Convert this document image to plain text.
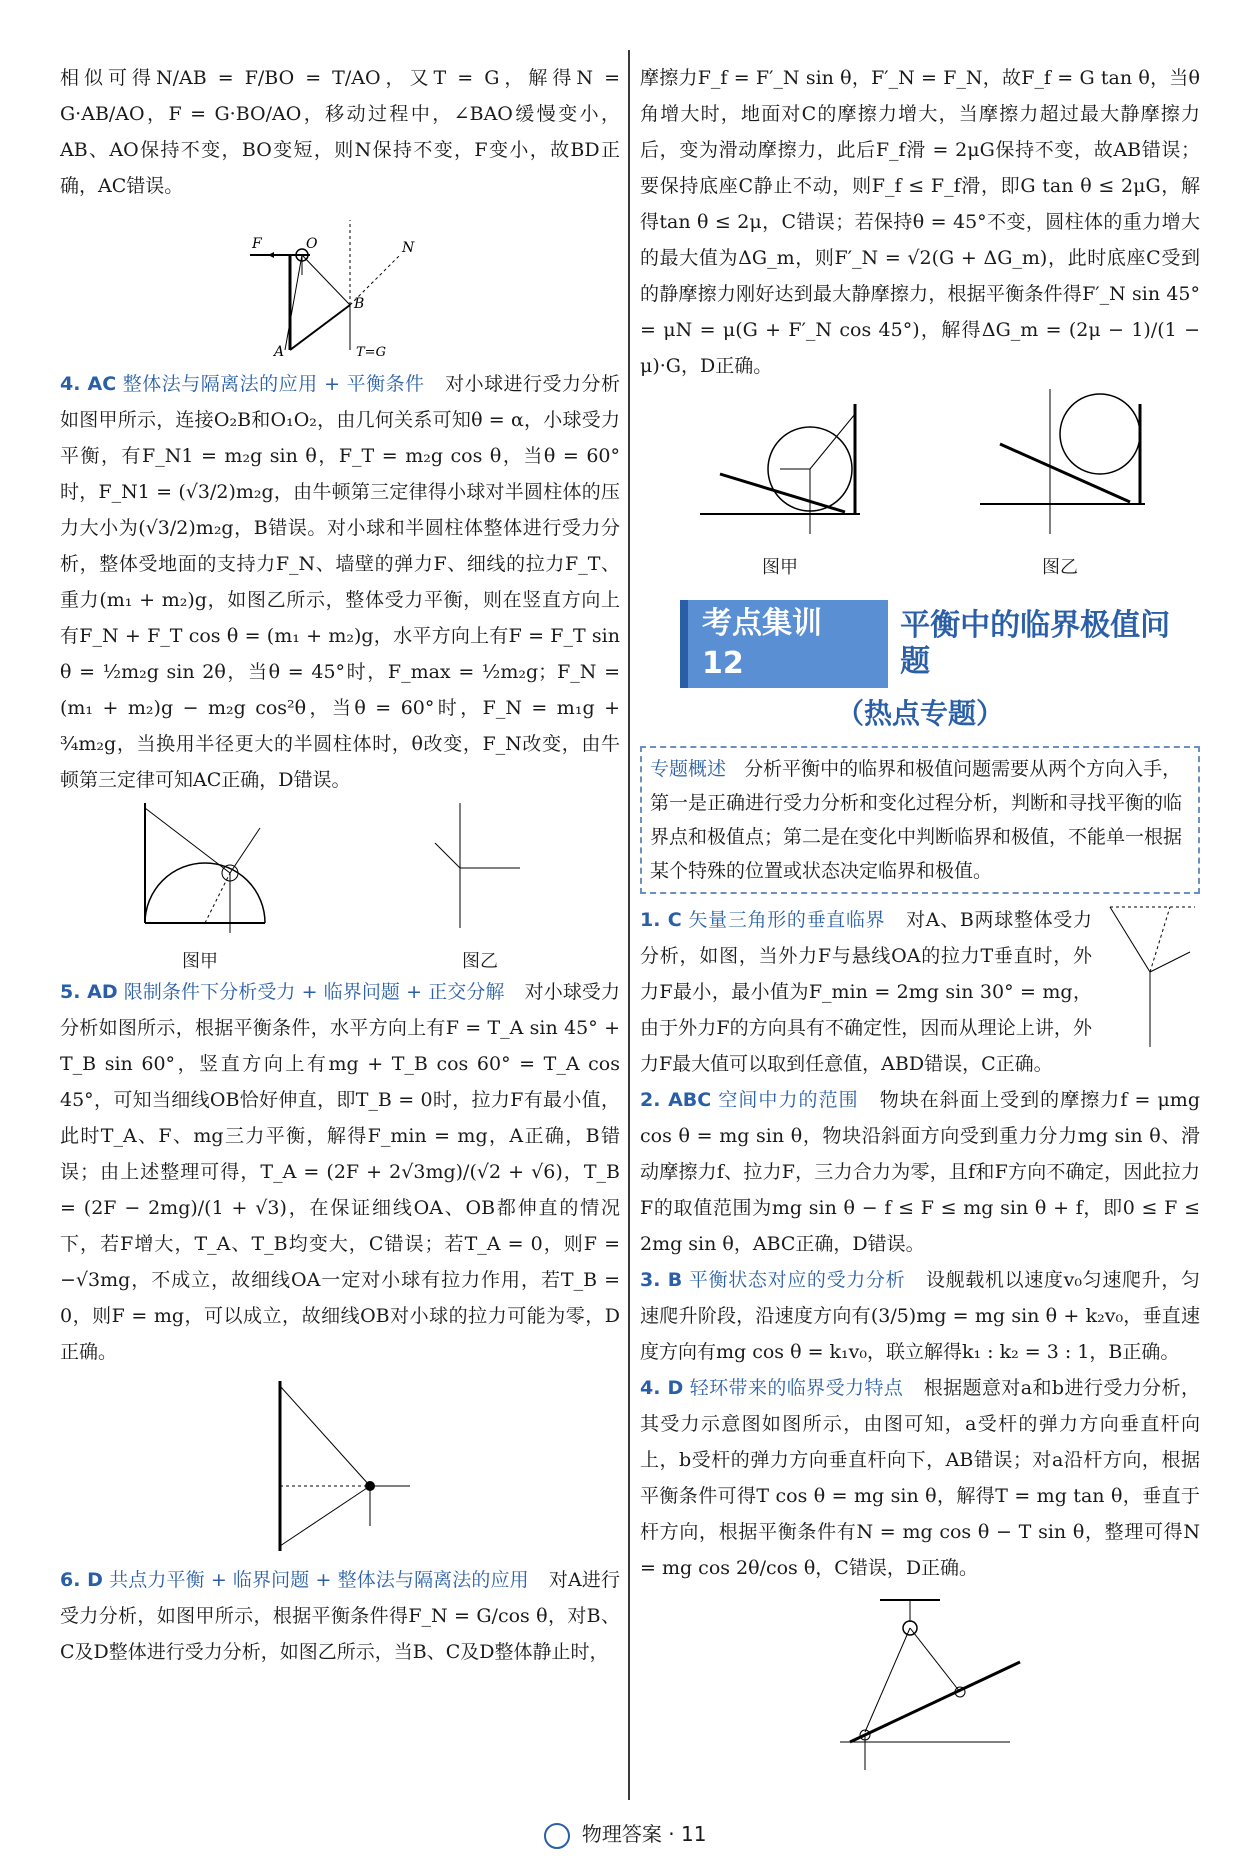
相似可得N/AB = F/BO = T/AO，又T = G，解得N = G·AB/AO，F = G·BO/AO，移动过程中，∠BAO缓慢变小，AB、AO保持不变，BO变短，则N保持不变，F变小，故BD正确，AC错误。

F	O	N
B
A	T=G

4. AC 整体法与隔离法的应用 + 平衡条件 对小球进行受力分析如图甲所示，连接O₂B和O₁O₂，由几何关系可知θ = α，小球受力平衡，有F_N1 = m₂g sin θ，F_T = m₂g cos θ，当θ = 60°时，F_N1 = (√3/2)m₂g，由牛顿第三定律得小球对半圆柱体的压力大小为(√3/2)m₂g，B错误。对小球和半圆柱体整体进行受力分析，整体受地面的支持力F_N、墙壁的弹力F、细线的拉力F_T、重力(m₁ + m₂)g，如图乙所示，整体受力平衡，则在竖直方向上有F_N + F_T cos θ = (m₁ + m₂)g，水平方向上有F = F_T sin θ = ½m₂g sin 2θ，当θ = 45°时，F_max = ½m₂g；F_N = (m₁ + m₂)g − m₂g cos²θ，当θ = 60°时，F_N = m₁g + ¾m₂g，当换用半径更大的半圆柱体时，θ改变，F_N改变，由牛顿第三定律可知AC正确，D错误。

图甲	图乙

5. AD 限制条件下分析受力 + 临界问题 + 正交分解 对小球受力分析如图所示，根据平衡条件，水平方向上有F = T_A sin 45° + T_B sin 60°，竖直方向上有mg + T_B cos 60° = T_A cos 45°，可知当细线OB恰好伸直，即T_B = 0时，拉力F有最小值，此时T_A、F、mg三力平衡，解得F_min = mg，A正确，B错误；由上述整理可得，T_A = (2F + 2√3mg)/(√2 + √6)，T_B = (2F − 2mg)/(1 + √3)，在保证细线OA、OB都伸直的情况下，若F增大，T_A、T_B均变大，C错误；若T_A = 0，则F = −√3mg，不成立，故细线OA一定对小球有拉力作用，若T_B = 0，则F = mg，可以成立，故细线OB对小球的拉力可能为零，D正确。

6. D 共点力平衡 + 临界问题 + 整体法与隔离法的应用 对A进行受力分析，如图甲所示，根据平衡条件得F_N = G/cos θ，对B、C及D整体进行受力分析，如图乙所示，当B、C及D整体静止时，

摩擦力F_f = F′_N sin θ，F′_N = F_N，故F_f = G tan θ，当θ角增大时，地面对C的摩擦力增大，当摩擦力超过最大静摩擦力后，变为滑动摩擦力，此后F_f滑 = 2μG保持不变，故AB错误；要保持底座C静止不动，则F_f ≤ F_f滑，即G tan θ ≤ 2μG，解得tan θ ≤ 2μ，C错误；若保持θ = 45°不变，圆柱体的重力增大的最大值为ΔG_m，则F′_N = √2(G + ΔG_m)，此时底座C受到的静摩擦力刚好达到最大静摩擦力，根据平衡条件得F′_N sin 45° = μN = μ(G + F′_N cos 45°)，解得ΔG_m = (2μ − 1)/(1 − μ)·G，D正确。

图甲	图乙
考点集训 12
平衡中的临界极值问题
（热点专题）
专题概述 分析平衡中的临界和极值问题需要从两个方向入手，第一是正确进行受力分析和变化过程分析，判断和寻找平衡的临界点和极值点；第二是在变化中判断临界和极值，不能单一根据某个特殊的位置或状态决定临界和极值。

1. C 矢量三角形的垂直临界 对A、B两球整体受力分析，如图，当外力F与悬线OA的拉力T垂直时，外力F最小，最小值为F_min = 2mg sin 30° = mg，由于外力F的方向具有不确定性，因而从理论上讲，外力F最大值可以取到任意值，ABD错误，C正确。

2. ABC 空间中力的范围 物块在斜面上受到的摩擦力f = μmg cos θ = mg sin θ，物块沿斜面方向受到重力分力mg sin θ、滑动摩擦力f、拉力F，三力合力为零，且f和F方向不确定，因此拉力F的取值范围为mg sin θ − f ≤ F ≤ mg sin θ + f，即0 ≤ F ≤ 2mg sin θ，ABC正确，D错误。

3. B 平衡状态对应的受力分析 设舰载机以速度v₀匀速爬升，匀速爬升阶段，沿速度方向有(3/5)mg = mg sin θ + k₂v₀，垂直速度方向有mg cos θ = k₁v₀，联立解得k₁ : k₂ = 3 : 1，B正确。

4. D 轻环带来的临界受力特点 根据题意对a和b进行受力分析，其受力示意图如图所示，由图可知，a受杆的弹力方向垂直杆向上，b受杆的弹力方向垂直杆向下，AB错误；对a沿杆方向，根据平衡条件可得T cos θ = mg sin θ，解得T = mg tan θ，垂直于杆方向，根据平衡条件有N = mg cos θ − T sin θ，整理可得N = mg cos 2θ/cos θ，C错误，D正确。

物理答案 · 11
